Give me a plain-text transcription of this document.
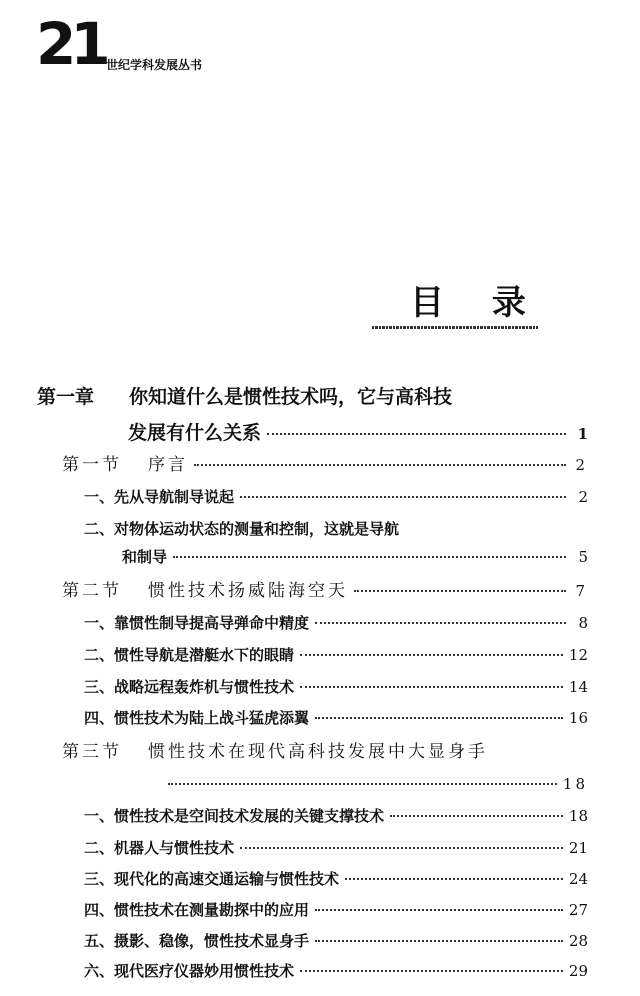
21 世纪学科发展丛书
目 录
第一章 你知道什么是惯性技术吗，它与高科技
发展有什么关系	1
第一节 序言	2
一、先从导航制导说起	2
二、对物体运动状态的测量和控制，这就是导航
和制导	5
第二节 惯性技术扬威陆海空天	7
一、靠惯性制导提高导弹命中精度	8
二、惯性导航是潜艇水下的眼睛	12
三、战略远程轰炸机与惯性技术	14
四、惯性技术为陆上战斗猛虎添翼	16
第三节 惯性技术在现代高科技发展中大显身手
18
一、惯性技术是空间技术发展的关键支撑技术	18
二、机器人与惯性技术	21
三、现代化的高速交通运输与惯性技术	24
四、惯性技术在测量勘探中的应用	27
五、摄影、稳像，惯性技术显身手	28
六、现代医疗仪器妙用惯性技术	29
